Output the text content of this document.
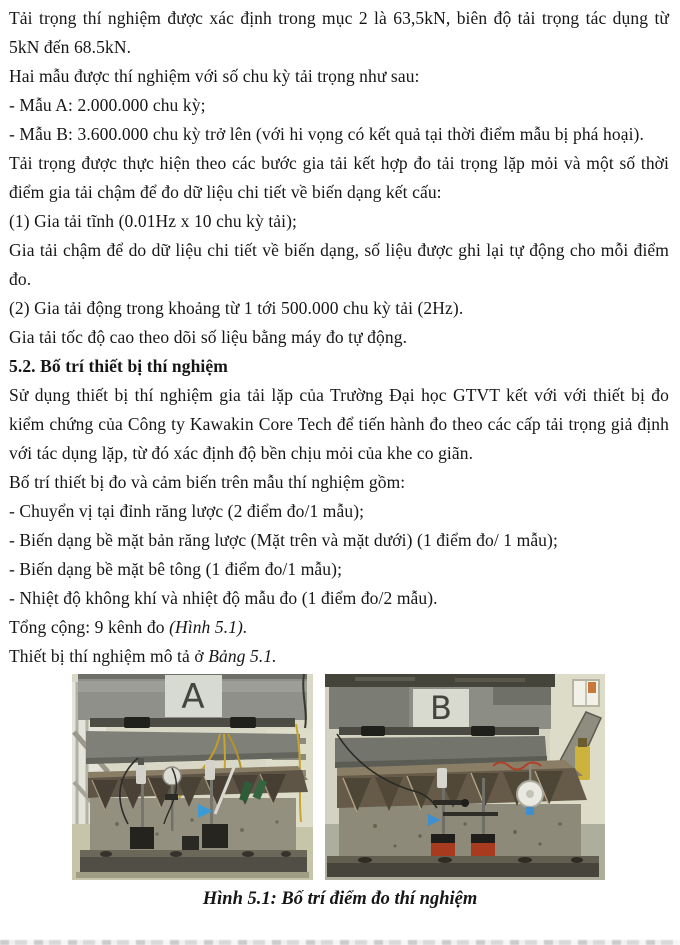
Tải trọng thí nghiệm được xác định trong mục 2 là 63,5kN, biên độ tải trọng tác dụng từ 5kN đến 68.5kN.

Hai mẫu được thí nghiệm với số chu kỳ tải trọng như sau:

- Mẫu A: 2.000.000 chu kỳ;

- Mẫu B: 3.600.000 chu kỳ trở lên (với hi vọng có kết quả tại thời điểm mẫu bị phá hoại).

Tải trọng được thực hiện theo các bước gia tải kết hợp đo tải trọng lặp mỏi và một số thời điểm gia tải chậm để đo dữ liệu chi tiết về biến dạng kết cấu:

(1) Gia tải tĩnh (0.01Hz x 10 chu kỳ tải);

Gia tải chậm để do dữ liệu chi tiết về biến dạng, số liệu được ghi lại tự động cho mỗi điểm đo.

(2) Gia tải động trong khoảng từ 1 tới 500.000 chu kỳ tải (2Hz).

Gia tải tốc độ cao theo dõi số liệu bằng máy đo tự động.

5.2. Bố trí thiết bị thí nghiệm

Sử dụng thiết bị thí nghiệm gia tải lặp của Trường Đại học GTVT kết với với thiết bị đo kiểm chứng của Công ty Kawakin Core Tech để tiến hành đo theo các cấp tải trọng giả định với tác dụng lặp, từ đó xác định độ bền chịu mỏi của khe co giãn.

Bố trí thiết bị đo và cảm biến trên mẫu thí nghiệm gồm:

- Chuyển vị tại đỉnh răng lược (2 điểm đo/1 mẫu);

- Biến dạng bề mặt bản răng lược (Mặt trên và mặt dưới) (1 điểm đo/ 1 mẫu);

- Biến dạng bề mặt bê tông (1 điểm đo/1 mẫu);

- Nhiệt độ không khí và nhiệt độ mẫu đo (1 điểm đo/2 mẫu).

Tổng cộng: 9 kênh đo (Hình 5.1).

Thiết bị thí nghiệm mô tả ở Bảng 5.1.

A	B
Hình 5.1: Bố trí điểm đo thí nghiệm
